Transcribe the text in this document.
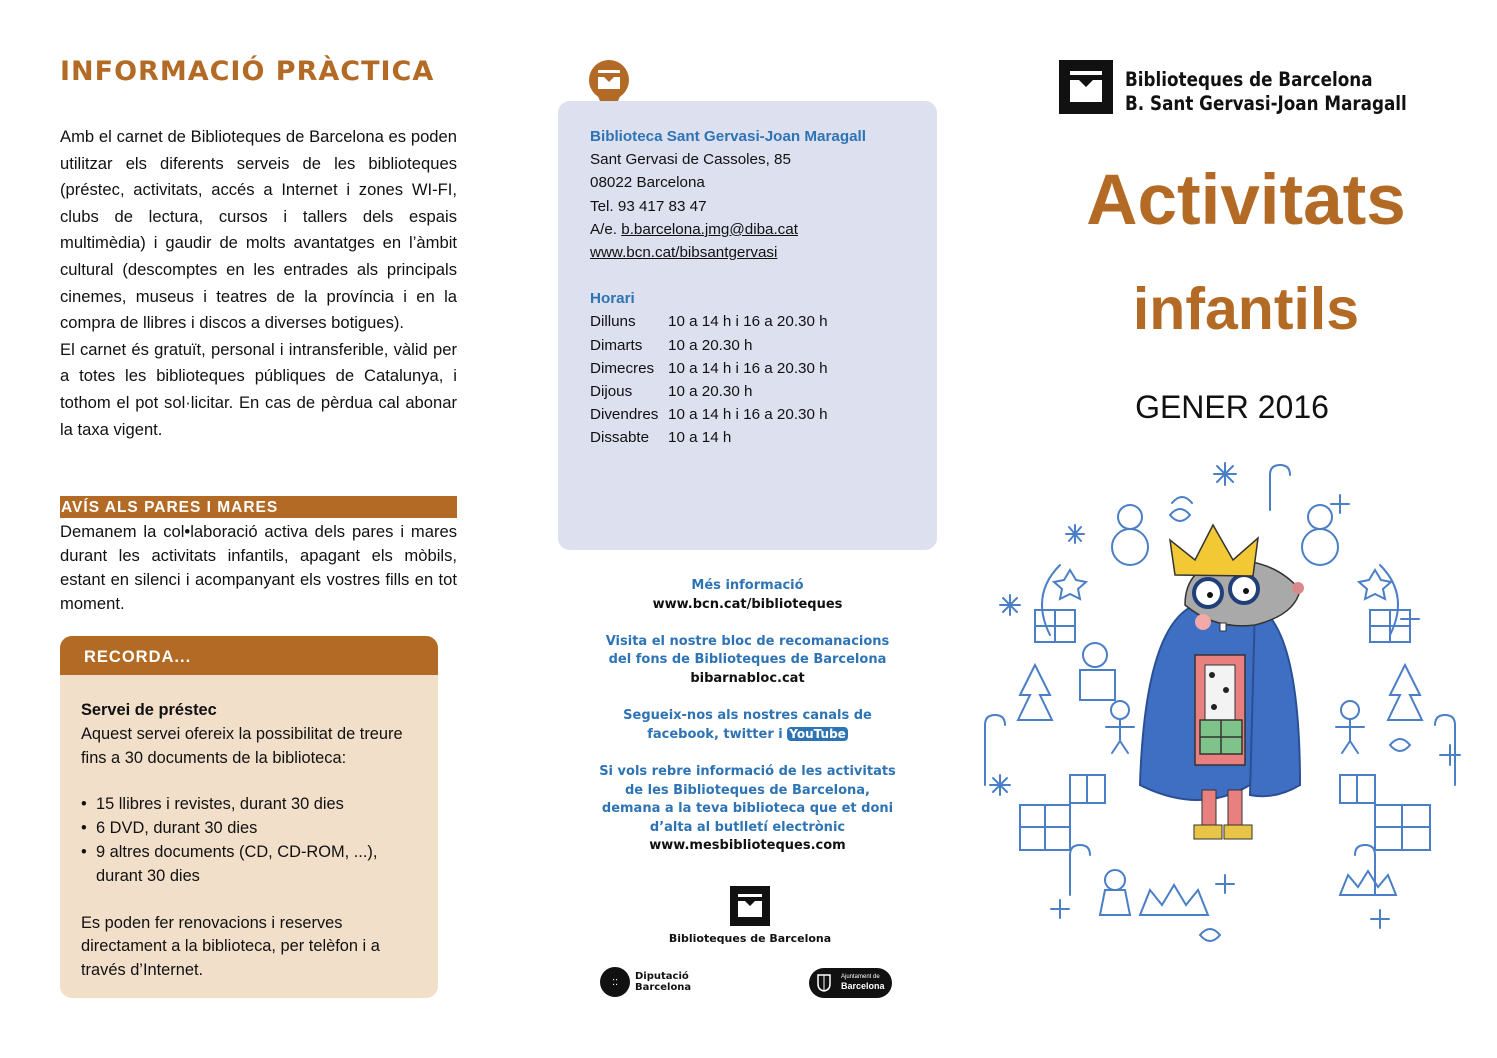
INFORMACIÓ PRÀCTICA

Amb el carnet de Biblioteques de Barcelona es poden utilitzar els diferents serveis de les biblioteques (préstec, activitats, accés a Internet i zones WI-FI, clubs de lectura, cursos i tallers dels espais multimèdia) i gaudir de molts avantatges en l’àmbit cultural (descomptes en les entrades als principals cinemes, museus i teatres de la província i en la compra de llibres i discos a diverses botigues).

El carnet és gratuït, personal i intransferible, vàlid per a totes les biblioteques públiques de Catalunya, i tothom el pot sol·licitar. En cas de pèrdua cal abonar la taxa vigent.

AVÍS ALS PARES I MARES
Demanem la col•laboració activa dels pares i mares durant les activitats infantils, apagant els mòbils, estant en silenci i acompanyant els vostres fills en tot moment.
RECORDA...
Servei de préstec
Aquest servei ofereix la possibilitat de treure fins a 30 documents de la biblioteca:
• 15 llibres i revistes, durant 30 dies
• 6 DVD, durant 30 dies
• 9 altres documents (CD, CD-ROM, ...), durant 30 dies
Es poden fer renovacions i reserves directament a la biblioteca, per telèfon i a través d’Internet.
Biblioteca Sant Gervasi-Joan Maragall
Sant Gervasi de Cassoles, 85
08022 Barcelona
Tel. 93 417 83 47
A/e. b.barcelona.jmg@diba.cat
www.bcn.cat/bibsantgervasi
Horari
Dilluns	10 a 14 h i 16 a 20.30 h
Dimarts	10 a 20.30 h
Dimecres 10 a 14 h i 16 a 20.30 h
Dijous	10 a 20.30 h
Divendres 10 a 14 h i 16 a 20.30 h
Dissabte	10 a 14 h
Més informació
www.bcn.cat/biblioteques
Visita el nostre bloc de recomanacions
del fons de Biblioteques de Barcelona
bibarnabloc.cat
Segueix-nos als nostres canals de
facebook, twitter i YouTube
Si vols rebre informació de les activitats
de les Biblioteques de Barcelona,
demana a la teva biblioteca que et doni
d’alta al butlletí electrònic
www.mesbiblioteques.com
Biblioteques de Barcelona
::	Diputació
Barcelona
Ajuntament de
Barcelona
Biblioteques de Barcelona
B. Sant Gervasi-Joan Maragall
Activitats
infantils
GENER 2016
